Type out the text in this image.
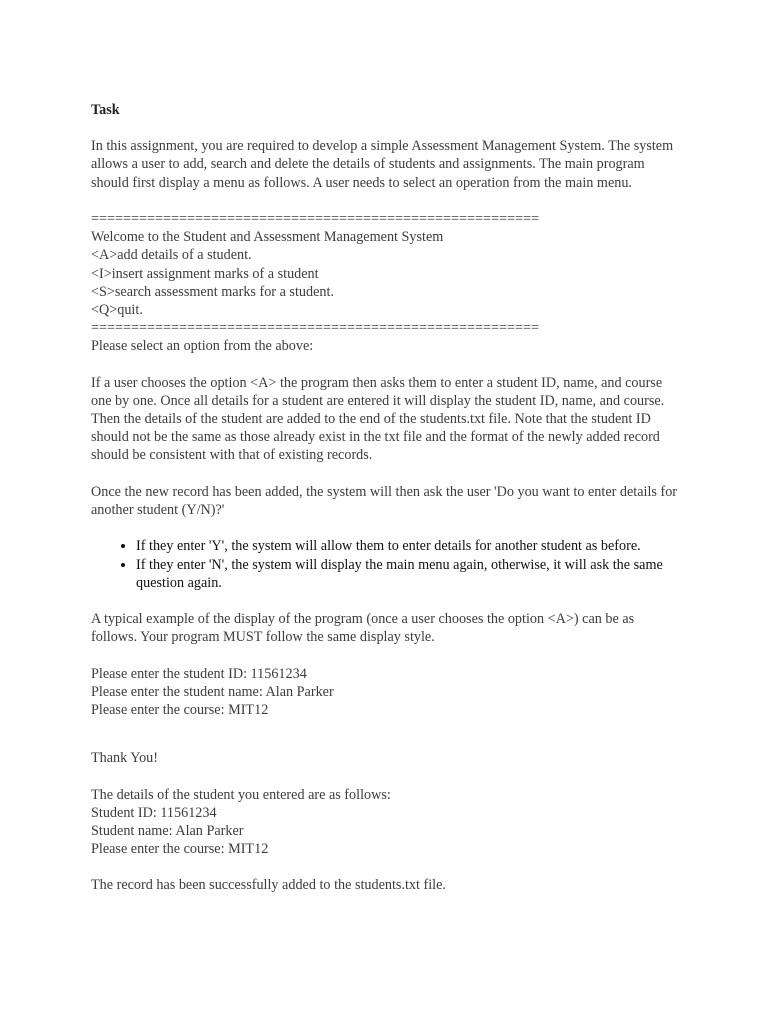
Task

In this assignment, you are required to develop a simple Assessment Management System. The system allows a user to add, search and delete the details of students and assignments. The main program should first display a menu as follows. A user needs to select an operation from the main menu.

========================================================
Welcome to the Student and Assessment Management System
<A>add details of a student.
<I>insert assignment marks of a student
<S>search assessment marks for a student.
<Q>quit.
========================================================
Please select an option from the above:

If a user chooses the option <A> the program then asks them to enter a student ID, name, and course one by one. Once all details for a student are entered it will display the student ID, name, and course. Then the details of the student are added to the end of the students.txt file. Note that the student ID should not be the same as those already exist in the txt file and the format of the newly added record should be consistent with that of existing records.

Once the new record has been added, the system will then ask the user 'Do you want to enter details for another student (Y/N)?'

• If they enter 'Y', the system will allow them to enter details for another student as before.
• If they enter 'N', the system will display the main menu again, otherwise, it will ask the same question again.

A typical example of the display of the program (once a user chooses the option <A>) can be as follows. Your program MUST follow the same display style.

Please enter the student ID: 11561234
Please enter the student name: Alan Parker
Please enter the course: MIT12
Thank You!
The details of the student you entered are as follows:
Student ID: 11561234
Student name: Alan Parker
Please enter the course: MIT12
The record has been successfully added to the students.txt file.
